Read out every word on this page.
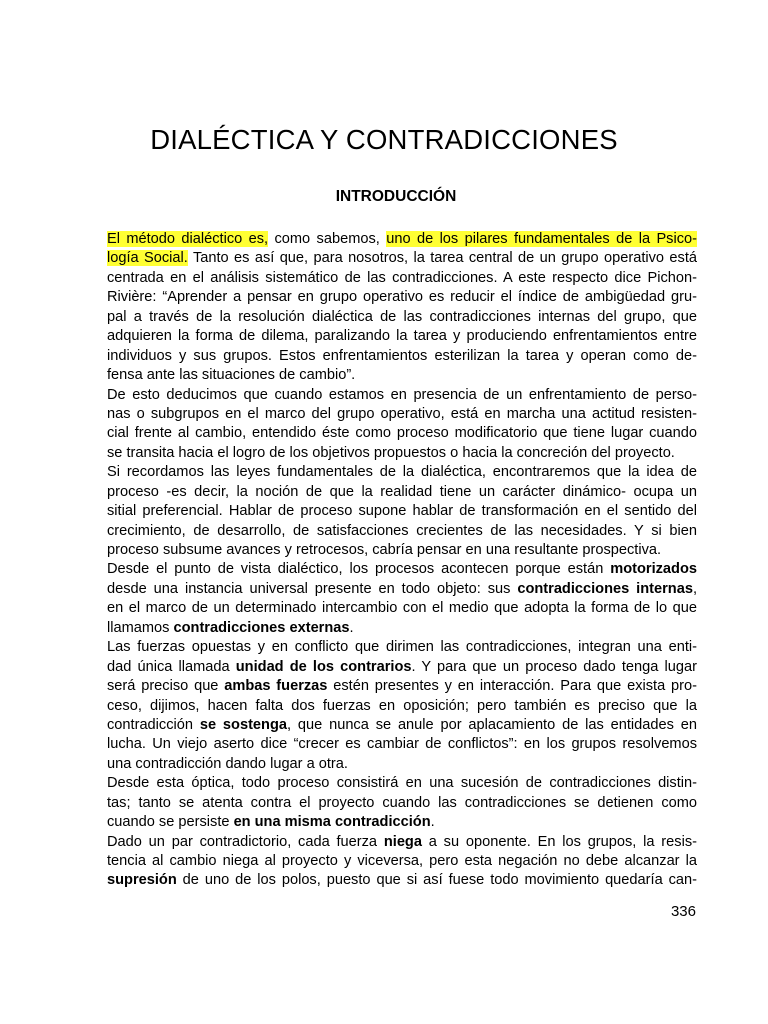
DIALÉCTICA Y CONTRADICCIONES
INTRODUCCIÓN
El método dialéctico es, como sabemos, uno de los pilares fundamentales de la Psico-
logía Social. Tanto es así que, para nosotros, la tarea central de un grupo operativo está
centrada en el análisis sistemático de las contradicciones. A este respecto dice Pichon-
Rivière: “Aprender a pensar en grupo operativo es reducir el índice de ambigüedad gru-
pal a través de la resolución dialéctica de las contradicciones internas del grupo, que
adquieren la forma de dilema, paralizando la tarea y produciendo enfrentamientos entre
individuos y sus grupos. Estos enfrentamientos esterilizan la tarea y operan como de-
fensa ante las situaciones de cambio”.
De esto deducimos que cuando estamos en presencia de un enfrentamiento de perso-
nas o subgrupos en el marco del grupo operativo, está en marcha una actitud resisten-
cial frente al cambio, entendido éste como proceso modificatorio que tiene lugar cuando
se transita hacia el logro de los objetivos propuestos o hacia la concreción del proyecto.
Si recordamos las leyes fundamentales de la dialéctica, encontraremos que la idea de
proceso -es decir, la noción de que la realidad tiene un carácter dinámico- ocupa un
sitial preferencial. Hablar de proceso supone hablar de transformación en el sentido del
crecimiento, de desarrollo, de satisfacciones crecientes de las necesidades. Y si bien
proceso subsume avances y retrocesos, cabría pensar en una resultante prospectiva.
Desde el punto de vista dialéctico, los procesos acontecen porque están motorizados
desde una instancia universal presente en todo objeto: sus contradicciones internas,
en el marco de un determinado intercambio con el medio que adopta la forma de lo que
llamamos contradicciones externas.
Las fuerzas opuestas y en conflicto que dirimen las contradicciones, integran una enti-
dad única llamada unidad de los contrarios. Y para que un proceso dado tenga lugar
será preciso que ambas fuerzas estén presentes y en interacción. Para que exista pro-
ceso, dijimos, hacen falta dos fuerzas en oposición; pero también es preciso que la
contradicción se sostenga, que nunca se anule por aplacamiento de las entidades en
lucha. Un viejo aserto dice “crecer es cambiar de conflictos”: en los grupos resolvemos
una contradicción dando lugar a otra.
Desde esta óptica, todo proceso consistirá en una sucesión de contradicciones distin-
tas; tanto se atenta contra el proyecto cuando las contradicciones se detienen como
cuando se persiste en una misma contradicción.
Dado un par contradictorio, cada fuerza niega a su oponente. En los grupos, la resis-
tencia al cambio niega al proyecto y viceversa, pero esta negación no debe alcanzar la
supresión de uno de los polos, puesto que si así fuese todo movimiento quedaría can-
336
